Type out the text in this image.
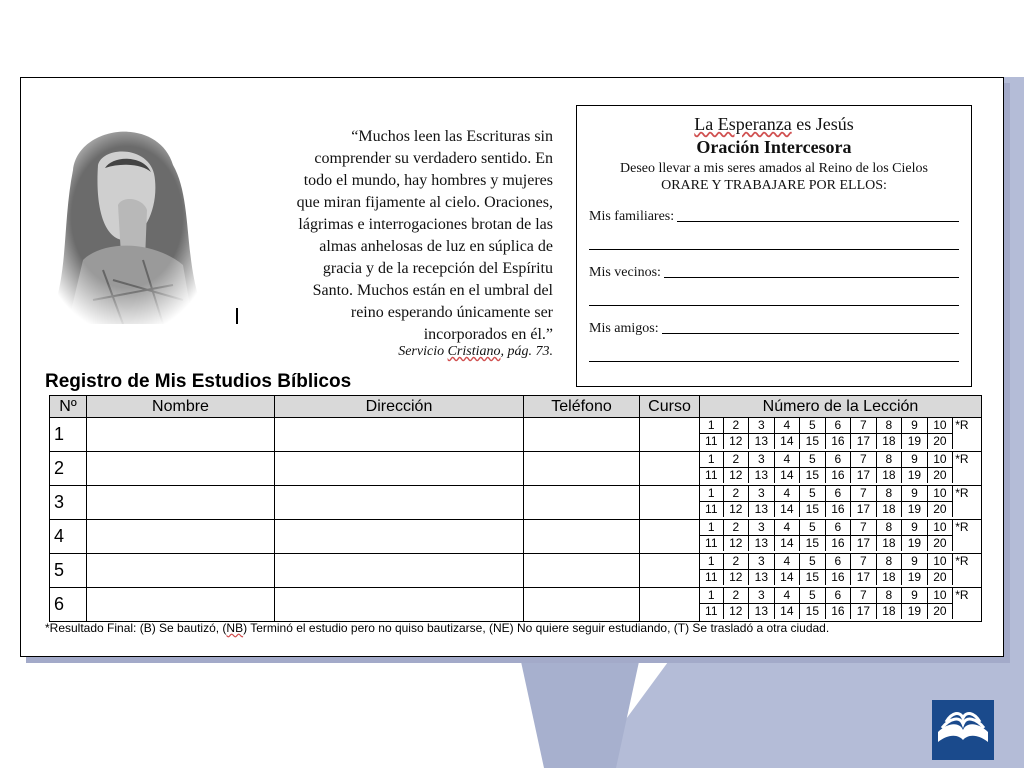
“Muchos leen las Escrituras sin
comprender su verdadero sentido. En
todo el mundo, hay hombres y mujeres
que miran fijamente al cielo. Oraciones,
lágrimas e interrogaciones brotan de las
almas anhelosas de luz en súplica de
gracia y de la recepción del Espíritu
Santo. Muchos están en el umbral del
reino esperando únicamente ser
incorporados en él.”
Servicio Cristiano, pág. 73.
La Esperanza es Jesús
Oración Intercesora
Deseo llevar a mis seres amados al Reino de los Cielos
ORARE Y TRABAJARE POR ELLOS:
Mis familiares:
Mis vecinos:
Mis amigos:
Registro de Mis Estudios Bíblicos
Nº	Nombre	Dirección	Teléfono	Curso	Número de la Lección
1						1	2	3	4	5	6	7	8	9	10	*R
11	12	13	14	15	16	17	18	19	20	

2						1	2	3	4	5	6	7	8	9	10	*R
11	12	13	14	15	16	17	18	19	20	

3						1	2	3	4	5	6	7	8	9	10	*R
11	12	13	14	15	16	17	18	19	20	

4						1	2	3	4	5	6	7	8	9	10	*R
11	12	13	14	15	16	17	18	19	20	

5						1	2	3	4	5	6	7	8	9	10	*R
11	12	13	14	15	16	17	18	19	20	

6						1	2	3	4	5	6	7	8	9	10	*R
11	12	13	14	15	16	17	18	19	20	
*Resultado Final: (B) Se bautizó, (NB) Terminó el estudio pero no quiso bautizarse, (NE) No quiere seguir estudiando, (T) Se trasladó a otra ciudad.
